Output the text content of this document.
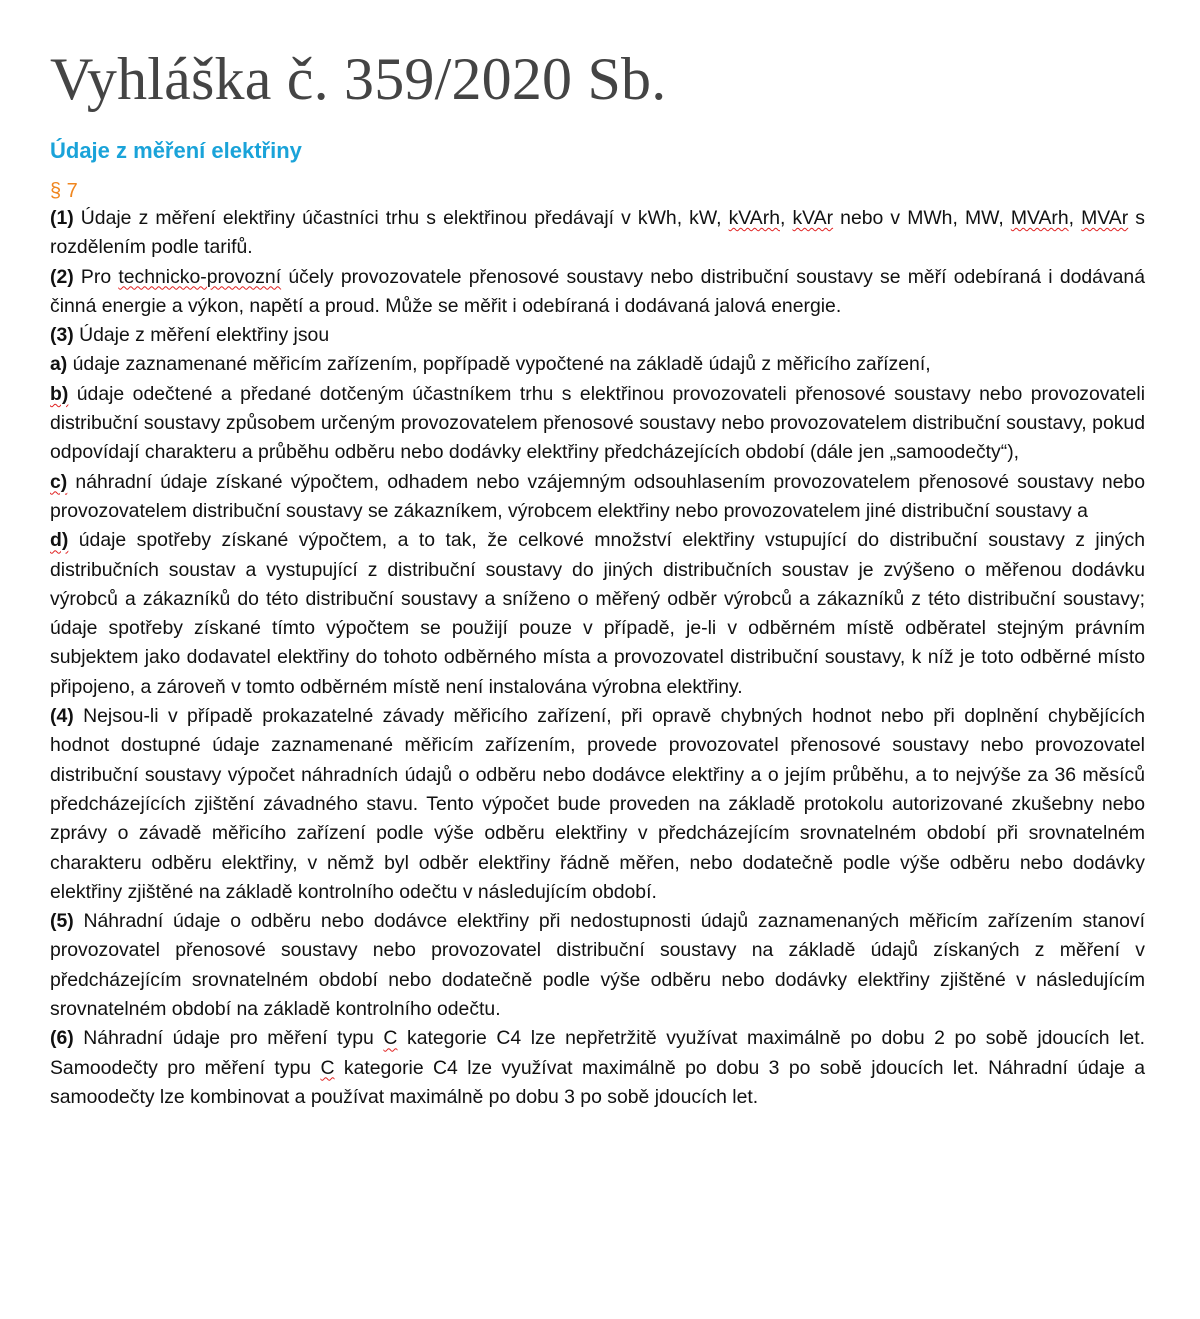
Vyhláška č. 359/2020 Sb.
Údaje z měření elektřiny
§ 7

(1) Údaje z měření elektřiny účastníci trhu s elektřinou předávají v kWh, kW, kVArh, kVAr nebo v MWh, MW, MVArh, MVAr s rozdělením podle tarifů.

(2) Pro technicko-provozní účely provozovatele přenosové soustavy nebo distribuční soustavy se měří odebíraná i dodávaná činná energie a výkon, napětí a proud. Může se měřit i odebíraná i dodávaná jalová energie.

(3) Údaje z měření elektřiny jsou

a) údaje zaznamenané měřicím zařízením, popřípadě vypočtené na základě údajů z měřicího zařízení,

b) údaje odečtené a předané dotčeným účastníkem trhu s elektřinou provozovateli přenosové soustavy nebo provozovateli distribuční soustavy způsobem určeným provozovatelem přenosové soustavy nebo provozovatelem distribuční soustavy, pokud odpovídají charakteru a průběhu odběru nebo dodávky elektřiny předcházejících období (dále jen „samoodečty“),

c) náhradní údaje získané výpočtem, odhadem nebo vzájemným odsouhlasením provozovatelem přenosové soustavy nebo provozovatelem distribuční soustavy se zákazníkem, výrobcem elektřiny nebo provozovatelem jiné distribuční soustavy a

d) údaje spotřeby získané výpočtem, a to tak, že celkové množství elektřiny vstupující do distribuční soustavy z jiných distribučních soustav a vystupující z distribuční soustavy do jiných distribučních soustav je zvýšeno o měřenou dodávku výrobců a zákazníků do této distribuční soustavy a sníženo o měřený odběr výrobců a zákazníků z této distribuční soustavy; údaje spotřeby získané tímto výpočtem se použijí pouze v případě, je-li v odběrném místě odběratel stejným právním subjektem jako dodavatel elektřiny do tohoto odběrného místa a provozovatel distribuční soustavy, k níž je toto odběrné místo připojeno, a zároveň v tomto odběrném místě není instalována výrobna elektřiny.

(4) Nejsou-li v případě prokazatelné závady měřicího zařízení, při opravě chybných hodnot nebo při doplnění chybějících hodnot dostupné údaje zaznamenané měřicím zařízením, provede provozovatel přenosové soustavy nebo provozovatel distribuční soustavy výpočet náhradních údajů o odběru nebo dodávce elektřiny a o jejím průběhu, a to nejvýše za 36 měsíců předcházejících zjištění závadného stavu. Tento výpočet bude proveden na základě protokolu autorizované zkušebny nebo zprávy o závadě měřicího zařízení podle výše odběru elektřiny v předcházejícím srovnatelném období při srovnatelném charakteru odběru elektřiny, v němž byl odběr elektřiny řádně měřen, nebo dodatečně podle výše odběru nebo dodávky elektřiny zjištěné na základě kontrolního odečtu v následujícím období.

(5) Náhradní údaje o odběru nebo dodávce elektřiny při nedostupnosti údajů zaznamenaných měřicím zařízením stanoví provozovatel přenosové soustavy nebo provozovatel distribuční soustavy na základě údajů získaných z měření v předcházejícím srovnatelném období nebo dodatečně podle výše odběru nebo dodávky elektřiny zjištěné v následujícím srovnatelném období na základě kontrolního odečtu.

(6) Náhradní údaje pro měření typu C kategorie C4 lze nepřetržitě využívat maximálně po dobu 2 po sobě jdoucích let. Samoodečty pro měření typu C kategorie C4 lze využívat maximálně po dobu 3 po sobě jdoucích let. Náhradní údaje a samoodečty lze kombinovat a používat maximálně po dobu 3 po sobě jdoucích let.
